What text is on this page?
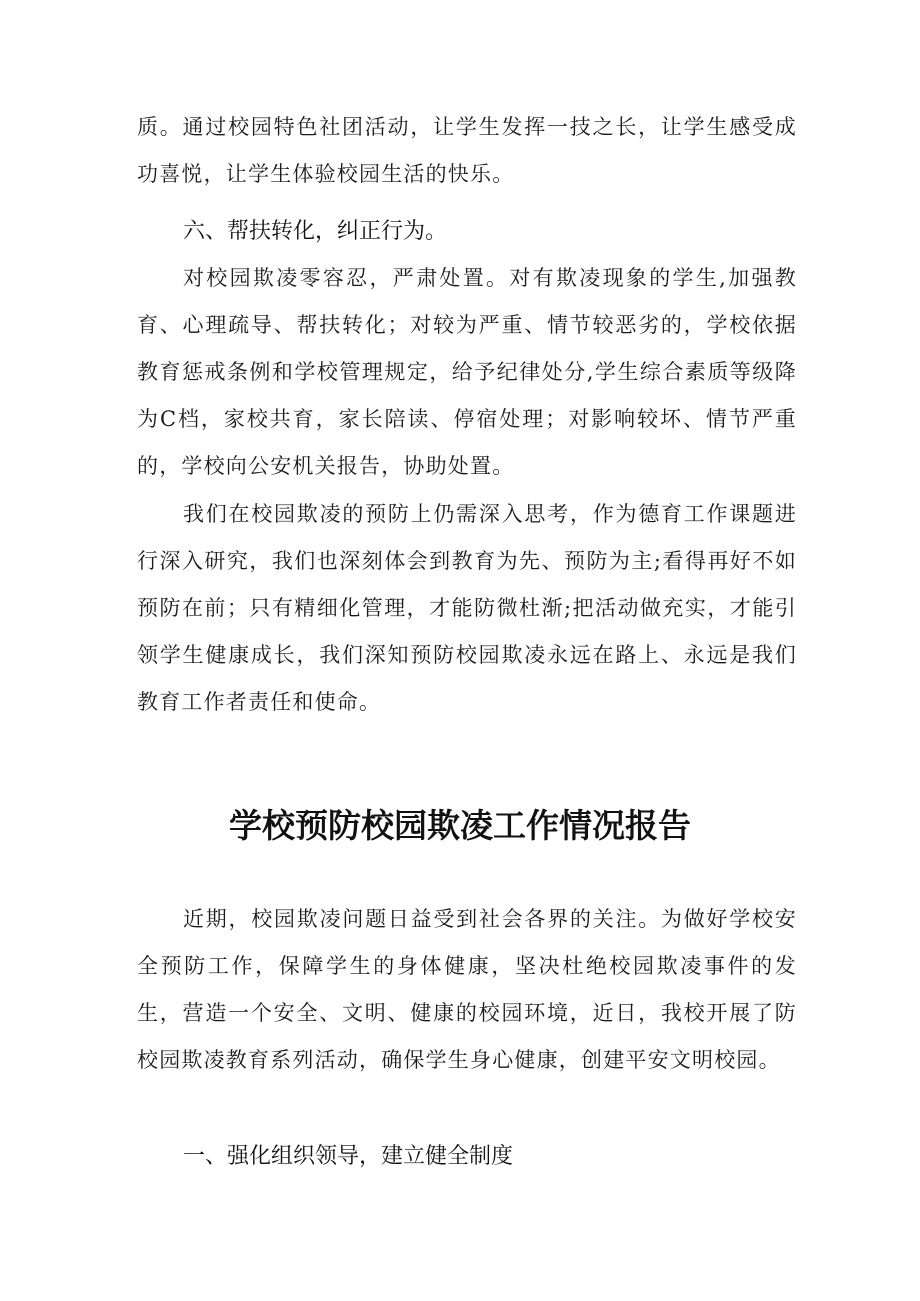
质。通过校园特色社团活动，让学生发挥一技之长，让学生感受成功喜悦，让学生体验校园生活的快乐。

六、帮扶转化，纠正行为。

对校园欺凌零容忍，严肃处置。对有欺凌现象的学生,加强教育、心理疏导、帮扶转化；对较为严重、情节较恶劣的，学校依据教育惩戒条例和学校管理规定，给予纪律处分,学生综合素质等级降为C档，家校共育，家长陪读、停宿处理；对影响较坏、情节严重的，学校向公安机关报告，协助处置。

我们在校园欺凌的预防上仍需深入思考，作为德育工作课题进行深入研究，我们也深刻体会到教育为先、预防为主;看得再好不如预防在前；只有精细化管理，才能防微杜渐;把活动做充实，才能引领学生健康成长，我们深知预防校园欺凌永远在路上、永远是我们教育工作者责任和使命。

学校预防校园欺凌工作情况报告

近期，校园欺凌问题日益受到社会各界的关注。为做好学校安全预防工作，保障学生的身体健康，坚决杜绝校园欺凌事件的发生，营造一个安全、文明、健康的校园环境，近日，我校开展了防校园欺凌教育系列活动，确保学生身心健康，创建平安文明校园。

一、强化组织领导，建立健全制度
